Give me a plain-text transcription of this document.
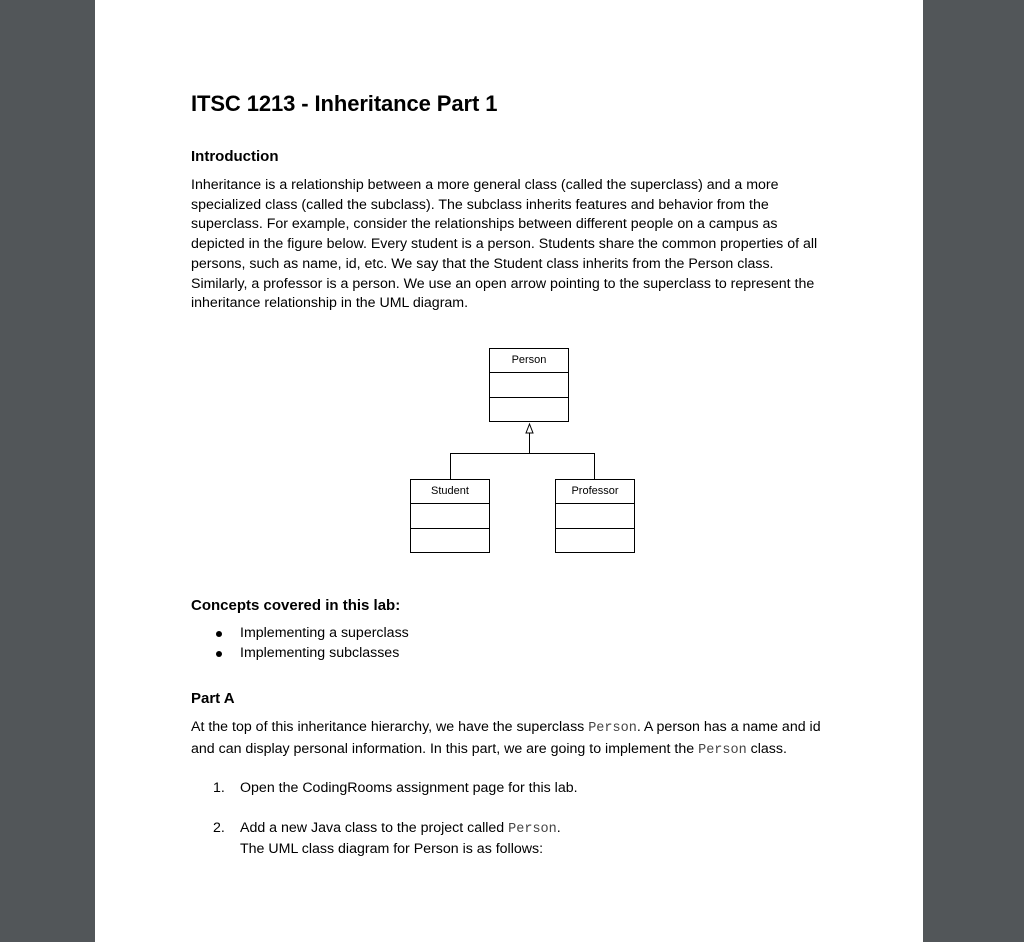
ITSC 1213 - Inheritance Part 1
Introduction

Inheritance is a relationship between a more general class (called the superclass) and a more specialized class (called the subclass). The subclass inherits features and behavior from the superclass. For example, consider the relationships between different people on a campus as depicted in the figure below. Every student is a person. Students share the common properties of all persons, such as name, id, etc. We say that the Student class inherits from the Person class. Similarly, a professor is a person. We use an open arrow pointing to the superclass to represent the inheritance relationship in the UML diagram.

Person
Student	Professor
Concepts covered in this lab:
Implementing a superclass
Implementing subclasses
Part A

At the top of this inheritance hierarchy, we have the superclass Person. A person has a name and id and can display personal information. In this part, we are going to implement the Person class.

1. Open the CodingRooms assignment page for this lab.
2. Add a new Java class to the project called Person.
The UML class diagram for Person is as follows:
